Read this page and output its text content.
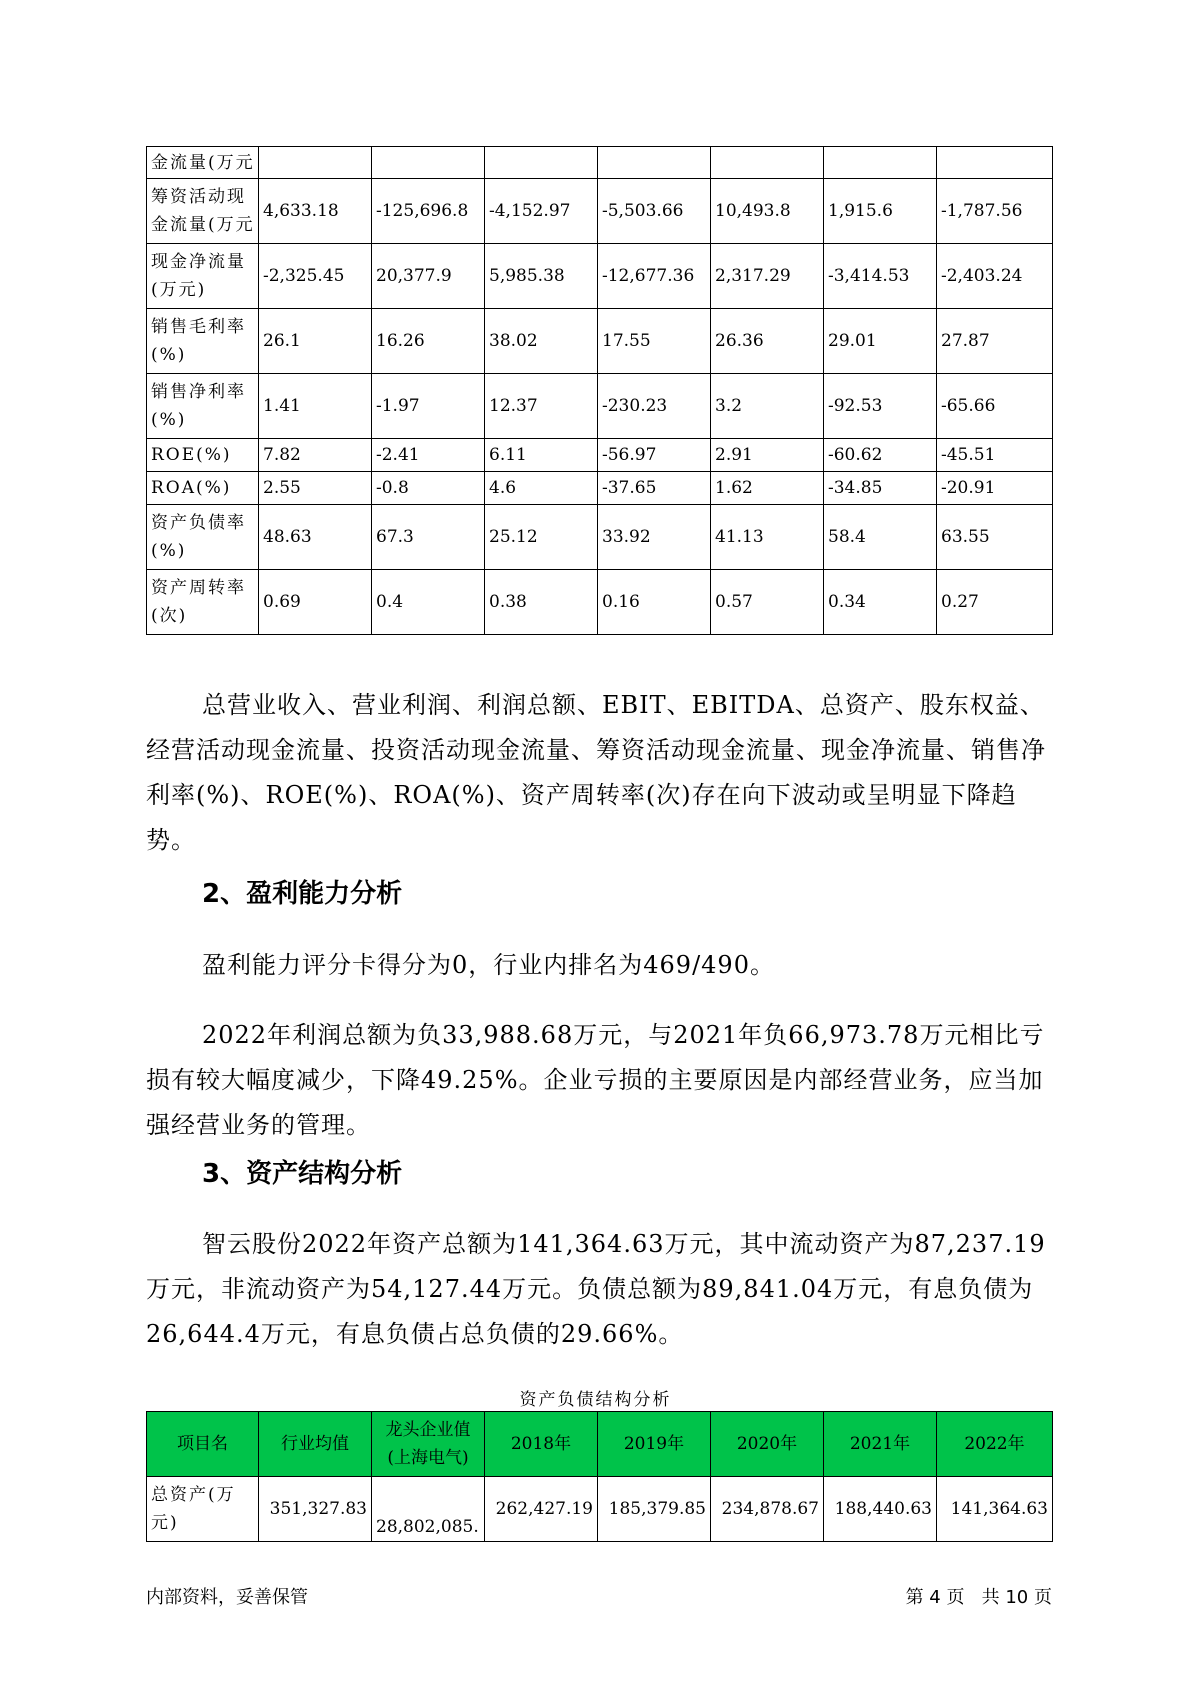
金流量(万元							
筹资活动现金流量(万元	4,633.18	-125,696.8	-4,152.97	-5,503.66	10,493.8	1,915.6	-1,787.56
现金净流量(万元)	-2,325.45	20,377.9	5,985.38	-12,677.36	2,317.29	-3,414.53	-2,403.24
销售毛利率(%)	26.1	16.26	38.02	17.55	26.36	29.01	27.87
销售净利率(%)	1.41	-1.97	12.37	-230.23	3.2	-92.53	-65.66
ROE(%)	7.82	-2.41	6.11	-56.97	2.91	-60.62	-45.51
ROA(%)	2.55	-0.8	4.6	-37.65	1.62	-34.85	-20.91
资产负债率(%)	48.63	67.3	25.12	33.92	41.13	58.4	63.55
资产周转率(次)	0.69	0.4	0.38	0.16	0.57	0.34	0.27

总营业收入、营业利润、利润总额、EBIT、EBITDA、总资产、股东权益、经营活动现金流量、投资活动现金流量、筹资活动现金流量、现金净流量、销售净利率(%)、ROE(%)、ROA(%)、资产周转率(次)存在向下波动或呈明显下降趋势。

2、盈利能力分析

盈利能力评分卡得分为0，行业内排名为469/490。

2022年利润总额为负33,988.68万元，与2021年负66,973.78万元相比亏损有较大幅度减少，下降49.25%。企业亏损的主要原因是内部经营业务，应当加强经营业务的管理。

3、资产结构分析

智云股份2022年资产总额为141,364.63万元，其中流动资产为87,237.19万元，非流动资产为54,127.44万元。负债总额为89,841.04万元，有息负债为26,644.4万元，有息负债占总负债的29.66%。

资产负债结构分析
项目名	行业均值	龙头企业值(上海电气)	2018年	2019年	2020年	2021年	2022年
总资产(万元)	351,327.83	28,802,085.	262,427.19	185,379.85	234,878.67	188,440.63	141,364.63
内部资料，妥善保管	第 4 页   共 10 页
